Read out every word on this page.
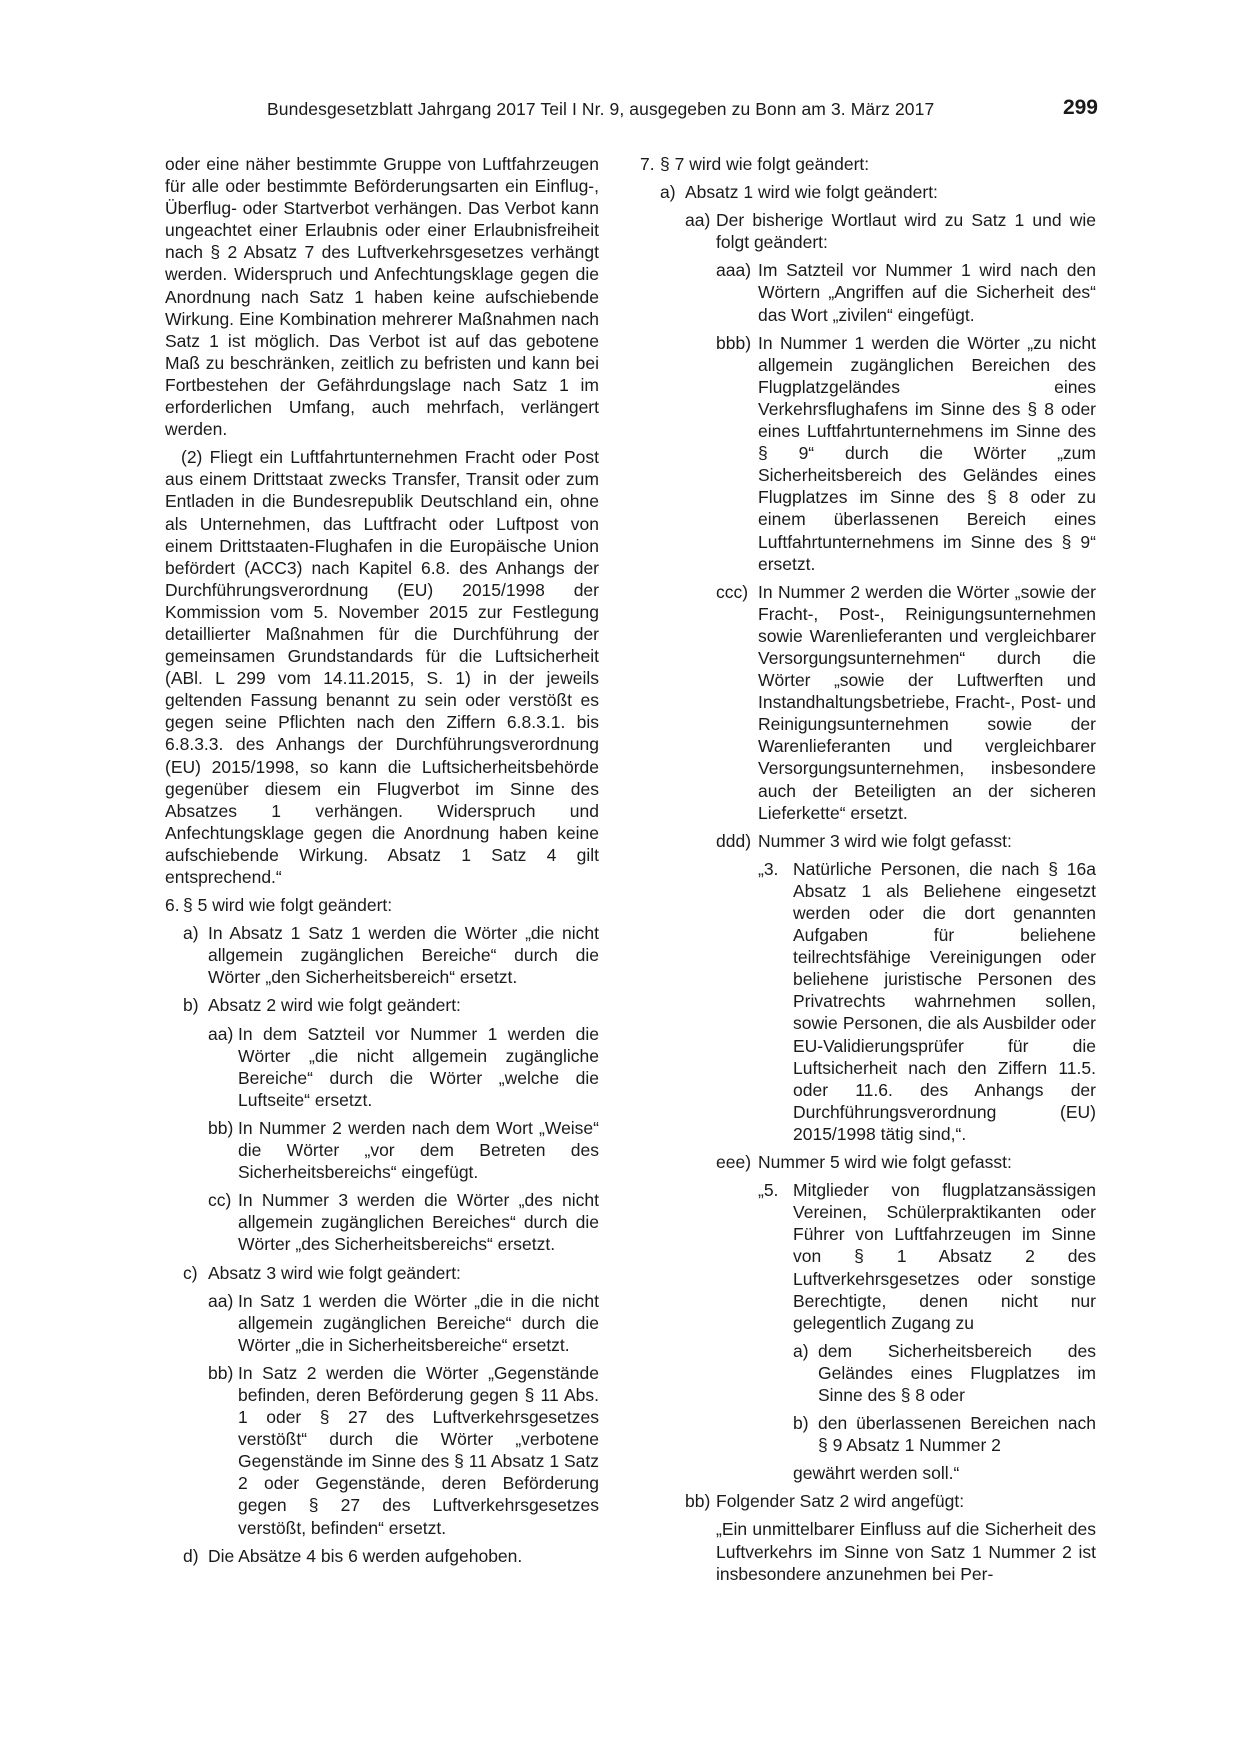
Bundesgesetzblatt Jahrgang 2017 Teil I Nr. 9, ausgegeben zu Bonn am 3. März 2017	299

oder eine näher bestimmte Gruppe von Luftfahrzeugen für alle oder bestimmte Beförderungsarten ein Einflug-, Überflug- oder Startverbot verhängen. Das Verbot kann ungeachtet einer Erlaubnis oder einer Erlaubnisfreiheit nach § 2 Absatz 7 des Luftverkehrsgesetzes verhängt werden. Widerspruch und Anfechtungsklage gegen die Anordnung nach Satz 1 haben keine aufschiebende Wirkung. Eine Kombination mehrerer Maßnahmen nach Satz 1 ist möglich. Das Verbot ist auf das gebotene Maß zu beschränken, zeitlich zu befristen und kann bei Fortbestehen der Gefährdungslage nach Satz 1 im erforderlichen Umfang, auch mehrfach, verlängert werden.

(2) Fliegt ein Luftfahrtunternehmen Fracht oder Post aus einem Drittstaat zwecks Transfer, Transit oder zum Entladen in die Bundesrepublik Deutschland ein, ohne als Unternehmen, das Luftfracht oder Luftpost von einem Drittstaaten-Flughafen in die Europäische Union befördert (ACC3) nach Kapitel 6.8. des Anhangs der Durchführungsverordnung (EU) 2015/1998 der Kommission vom 5. November 2015 zur Festlegung detaillierter Maßnahmen für die Durchführung der gemeinsamen Grundstandards für die Luftsicherheit (ABl. L 299 vom 14.11.2015, S. 1) in der jeweils geltenden Fassung benannt zu sein oder verstößt es gegen seine Pflichten nach den Ziffern 6.8.3.1. bis 6.8.3.3. des Anhangs der Durchführungsverordnung (EU) 2015/1998, so kann die Luftsicherheitsbehörde gegenüber diesem ein Flugverbot im Sinne des Absatzes 1 verhängen. Widerspruch und Anfechtungsklage gegen die Anordnung haben keine aufschiebende Wirkung. Absatz 1 Satz 4 gilt entsprechend.“

6. § 5 wird wie folgt geändert:
a) In Absatz 1 Satz 1 werden die Wörter „die nicht allgemein zugänglichen Bereiche“ durch die Wörter „den Sicherheitsbereich“ ersetzt.
b) Absatz 2 wird wie folgt geändert:
aa) In dem Satzteil vor Nummer 1 werden die Wörter „die nicht allgemein zugängliche Bereiche“ durch die Wörter „welche die Luftseite“ ersetzt.
bb) In Nummer 2 werden nach dem Wort „Weise“ die Wörter „vor dem Betreten des Sicherheitsbereichs“ eingefügt.
cc) In Nummer 3 werden die Wörter „des nicht allgemein zugänglichen Bereiches“ durch die Wörter „des Sicherheitsbereichs“ ersetzt.
c) Absatz 3 wird wie folgt geändert:
aa) In Satz 1 werden die Wörter „die in die nicht allgemein zugänglichen Bereiche“ durch die Wörter „die in Sicherheitsbereiche“ ersetzt.
bb) In Satz 2 werden die Wörter „Gegenstände befinden, deren Beförderung gegen § 11 Abs. 1 oder § 27 des Luftverkehrsgesetzes verstößt“ durch die Wörter „verbotene Gegenstände im Sinne des § 11 Absatz 1 Satz 2 oder Gegenstände, deren Beförderung gegen § 27 des Luftverkehrsgesetzes verstößt, befinden“ ersetzt.
d) Die Absätze 4 bis 6 werden aufgehoben.
7. § 7 wird wie folgt geändert:
a) Absatz 1 wird wie folgt geändert:
aa) Der bisherige Wortlaut wird zu Satz 1 und wie folgt geändert:
aaa) Im Satzteil vor Nummer 1 wird nach den Wörtern „Angriffen auf die Sicherheit des“ das Wort „zivilen“ eingefügt.
bbb) In Nummer 1 werden die Wörter „zu nicht allgemein zugänglichen Bereichen des Flugplatzgeländes eines Verkehrsflughafens im Sinne des § 8 oder eines Luftfahrtunternehmens im Sinne des § 9“ durch die Wörter „zum Sicherheitsbereich des Geländes eines Flugplatzes im Sinne des § 8 oder zu einem überlassenen Bereich eines Luftfahrtunternehmens im Sinne des § 9“ ersetzt.
ccc) In Nummer 2 werden die Wörter „sowie der Fracht-, Post-, Reinigungsunternehmen sowie Warenlieferanten und vergleichbarer Versorgungsunternehmen“ durch die Wörter „sowie der Luftwerften und Instandhaltungsbetriebe, Fracht-, Post- und Reinigungsunternehmen sowie der Warenlieferanten und vergleichbarer Versorgungsunternehmen, insbesondere auch der Beteiligten an der sicheren Lieferkette“ ersetzt.
ddd) Nummer 3 wird wie folgt gefasst:
„3. Natürliche Personen, die nach § 16a Absatz 1 als Beliehene eingesetzt werden oder die dort genannten Aufgaben für beliehene teilrechtsfähige Vereinigungen oder beliehene juristische Personen des Privatrechts wahrnehmen sollen, sowie Personen, die als Ausbilder oder EU-Validierungsprüfer für die Luftsicherheit nach den Ziffern 11.5. oder 11.6. des Anhangs der Durchführungsverordnung (EU) 2015/1998 tätig sind,“.
eee) Nummer 5 wird wie folgt gefasst:
„5. Mitglieder von flugplatzansässigen Vereinen, Schülerpraktikanten oder Führer von Luftfahrzeugen im Sinne von § 1 Absatz 2 des Luftverkehrsgesetzes oder sonstige Berechtigte, denen nicht nur gelegentlich Zugang zu
a) dem Sicherheitsbereich des Geländes eines Flugplatzes im Sinne des § 8 oder
b) den überlassenen Bereichen nach § 9 Absatz 1 Nummer 2

gewährt werden soll.“

bb) Folgender Satz 2 wird angefügt:

„Ein unmittelbarer Einfluss auf die Sicherheit des Luftverkehrs im Sinne von Satz 1 Nummer 2 ist insbesondere anzunehmen bei Per-
